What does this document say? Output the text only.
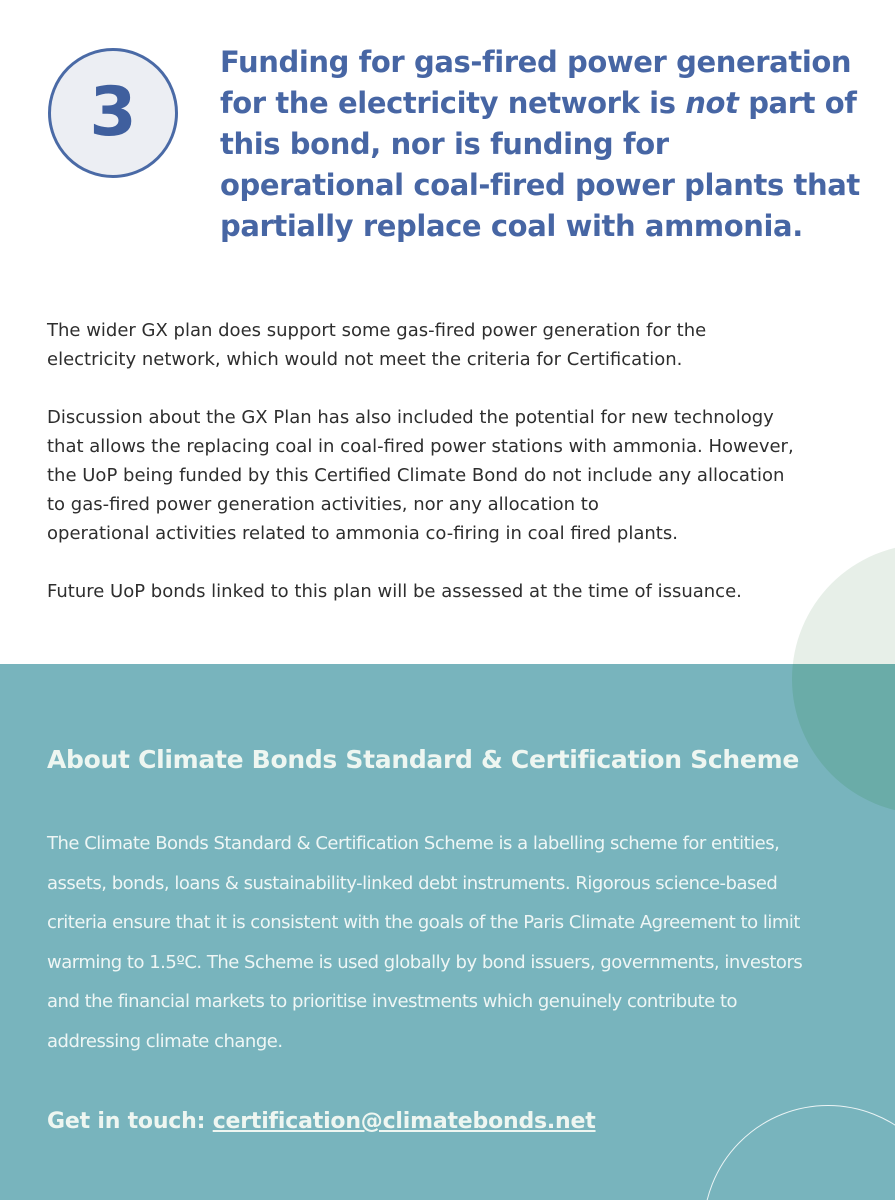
3
Funding for gas-fired power generation for the electricity network is not part of this bond, nor is funding for operational coal-fired power plants that partially replace coal with ammonia.

The wider GX plan does support some gas-fired power generation for the
electricity network, which would not meet the criteria for Certification.

Discussion about the GX Plan has also included the potential for new technology
that allows the replacing coal in coal-fired power stations with ammonia. However,
the UoP being funded by this Certified Climate Bond do not include any allocation
to gas-fired power generation activities, nor any allocation to
operational activities related to ammonia co-firing in coal fired plants.

Future UoP bonds linked to this plan will be assessed at the time of issuance.

About Climate Bonds Standard & Certification Scheme
The Climate Bonds Standard & Certification Scheme is a labelling scheme for entities,
assets, bonds, loans & sustainability-linked debt instruments. Rigorous science-based
criteria ensure that it is consistent with the goals of the Paris Climate Agreement to limit
warming to 1.5ºC. The Scheme is used globally by bond issuers, governments, investors
and the financial markets to prioritise investments which genuinely contribute to
addressing climate change.

Get in touch: certification@climatebonds.net
